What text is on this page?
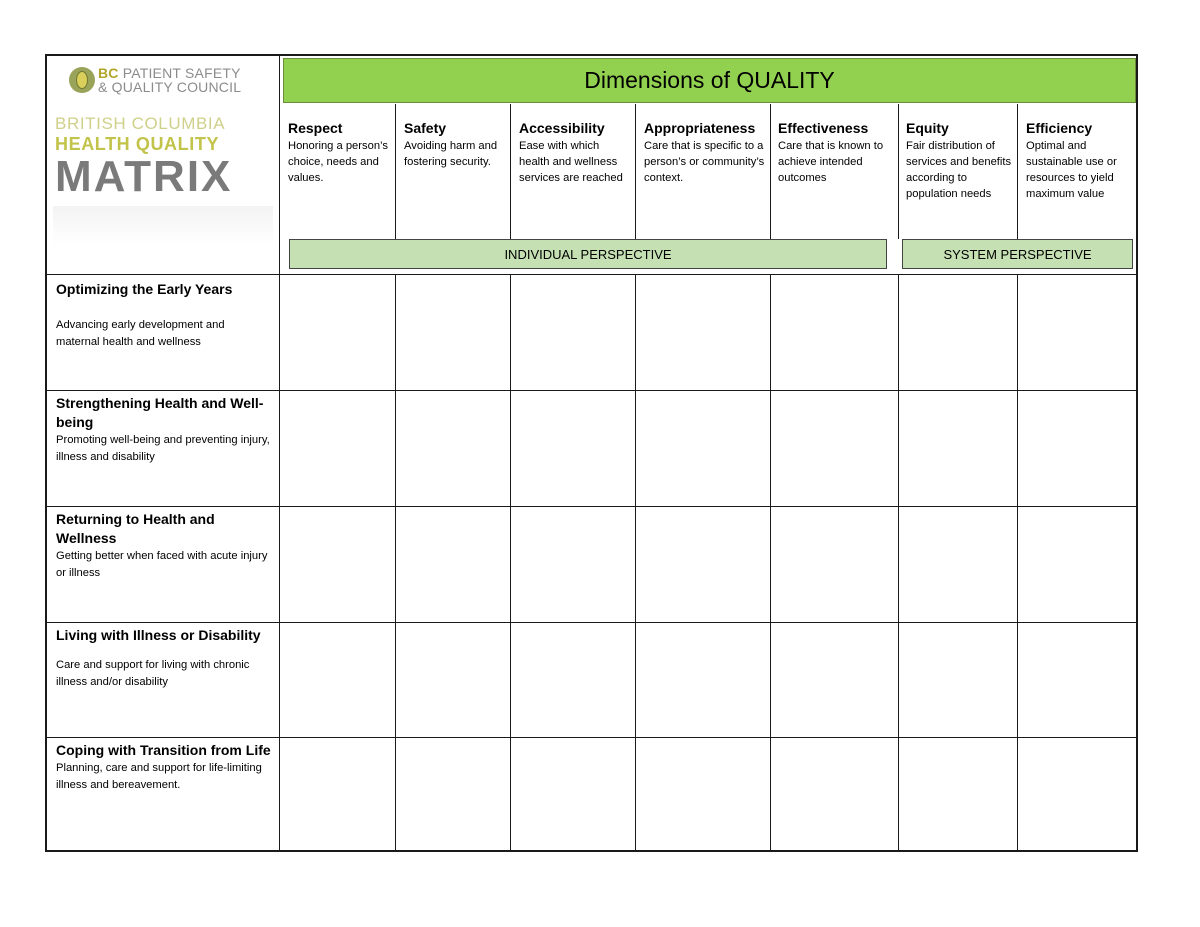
BC PATIENT SAFETY
& QUALITY COUNCIL
BRITISH COLUMBIA
HEALTH QUALITY
MATRIX
Dimensions of QUALITY
Respect
Honoring a person’s choice, needs and values.
Safety
Avoiding harm and fostering security.
Accessibility
Ease with which health and wellness services are reached
Appropriateness
Care that is specific to a person’s or community’s context.
Effectiveness
Care that is known to achieve intended outcomes
Equity
Fair distribution of services and benefits according to population needs
Efficiency
Optimal and sustainable use or resources to yield maximum value
INDIVIDUAL PERSPECTIVE	SYSTEM PERSPECTIVE
Optimizing the Early Years
Advancing early development and maternal health and wellness
Strengthening Health and Well-being
Promoting well-being and preventing injury, illness and disability
Returning to Health and Wellness
Getting better when faced with acute injury or illness
Living with Illness or Disability
Care and support for living with chronic illness and/or disability
Coping with Transition from Life
Planning, care and support for life-limiting illness and bereavement.
